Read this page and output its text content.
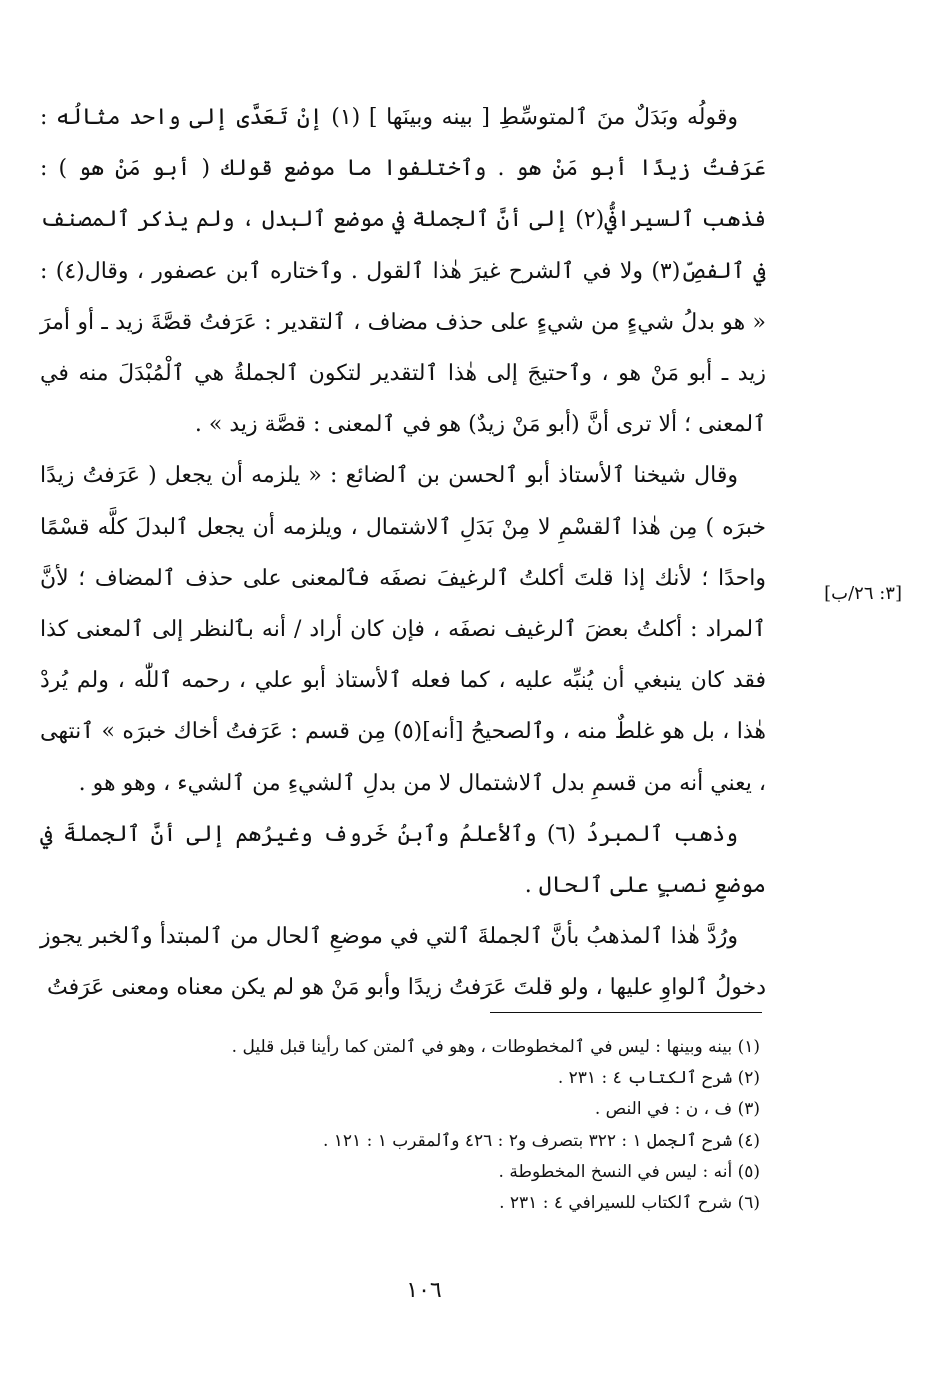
وقولُه وبَدَلٌ منَ ٱلمتوسِّطِ [ بينه وبينَها ] (١) إنْ تَعَدَّى إلى واحد مثالُه : عَرَفتُ زيدًا أبو مَنْ هو . وٱختلفوا ما موضع قولك ( أبو مَنْ هو ) : فذهب ٱلسيرافيُّ(٢) إلى أنَّ ٱلجملة في موضع ٱلبدل ، ولم يذكر ٱلمصنف في ٱلفصِّ(٣) ولا في ٱلشرح غيرَ هٰذا ٱلقول . وٱختاره ٱبن عصفور ، وقال(٤) : « هو بدلُ شيءٍ من شيءٍ على حذف مضاف ، ٱلتقدير : عَرَفتُ قصَّةَ زيد ـ أو أمرَ زيد ـ أبو مَنْ هو ، وٱحتيجَ إلى هٰذا ٱلتقدير لتكون ٱلجملةُ هي ٱلْمُبْدَلَ منه في ٱلمعنى ؛ ألا ترى أنَّ (أبو مَنْ زيدٌ) هو في ٱلمعنى : قصَّة زيد » .

وقال شيخنا ٱلأستاذ أبو ٱلحسن بن ٱلضائع : « يلزمه أن يجعل ( عَرَفتُ زيدًا خبرَه ) مِن هٰذا ٱلقسْمِ لا مِنْ بَدَلِ ٱلاشتمال ، ويلزمه أن يجعل ٱلبدلَ كلَّه قسْمًا واحدًا ؛ لأنك إذا قلتَ أكلتُ ٱلرغيفَ نصفَه فٱلمعنى على حذف ٱلمضاف ؛ لأنَّ ٱلمراد : أكلتُ بعضَ ٱلرغيف نصفَه ، فإن كان أراد / أنه بٱلنظر إلى ٱلمعنى كذا فقد كان ينبغي أن يُنبِّه عليه ، كما فعله ٱلأستاذ أبو علي ، رحمه ٱللّٰه ، ولم يُردْ هٰذا ، بل هو غلطٌ منه ، وٱلصحيحُ [أنه](٥) مِن قسم : عَرَفتُ أخاك خبرَه » ٱنتهى ، يعني أنه من قسمِ بدل ٱلاشتمال لا من بدلِ ٱلشيءِ من ٱلشيء ، وهو هو .

وذهب ٱلمبردُ (٦) وٱلأعلمُ وٱبنُ خَروف وغيرُهم إلى أنَّ ٱلجملةَ في موضعِ نصبٍ على ٱلحال .

ورُدَّ هٰذا ٱلمذهبُ بأنَّ ٱلجملةَ ٱلتي في موضعِ ٱلحال من ٱلمبتدأ وٱلخبر يجوز دخولُ ٱلواوِ عليها ، ولو قلتَ عَرَفتُ زيدًا وأبو مَنْ هو لم يكن معناه ومعنى عَرَفتُ

[٣: ٢٦/ب]

(١) بينه وبينها : ليس في ٱلمخطوطات ، وهو في ٱلمتن كما رأينا قبل قليل .

(٢) شرح ٱلكتاب ٤ : ٢٣١ .

(٣) ف ، ن : في النص .

(٤) شرح ٱلجمل ١ : ٣٢٢ بتصرف و٢ : ٤٢٦ وٱلمقرب ١ : ١٢١ .

(٥) أنه : ليس في النسخ المخطوطة .

(٦) شرح ٱلكتاب للسيرافي ٤ : ٢٣١ .

١٠٦
